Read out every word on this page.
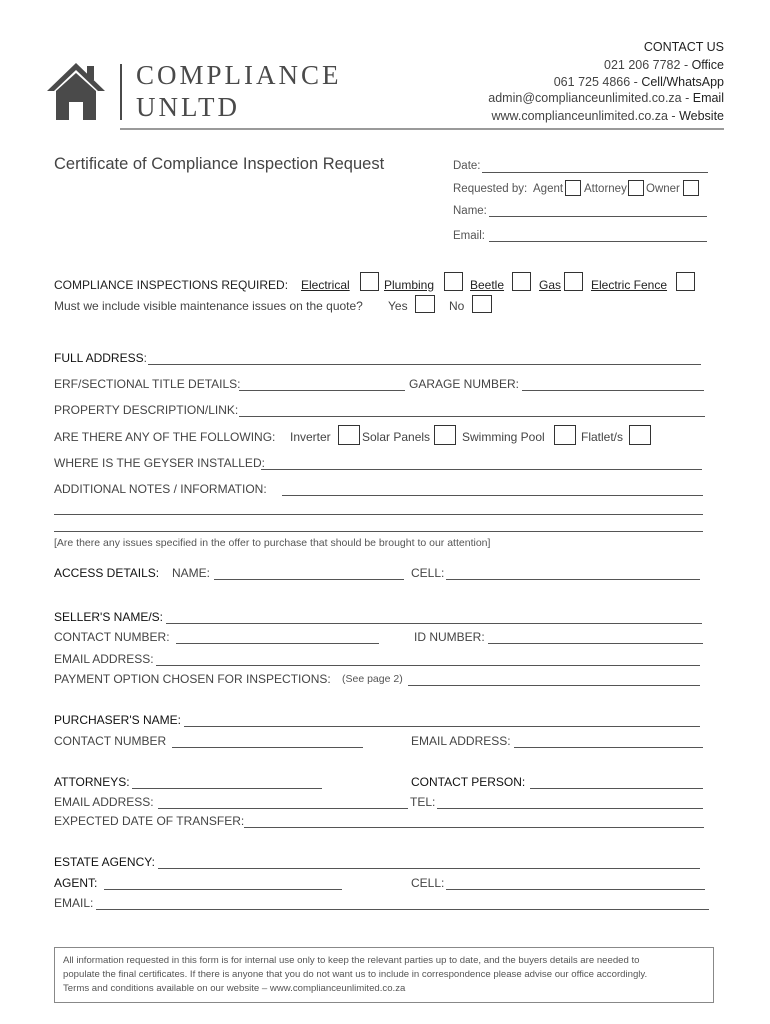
COMPLIANCE
UNLTD
CONTACT US
021 206 7782 - Office
061 725 4866 - Cell/WhatsApp
admin@complianceunlimited.co.za - Email
www.complianceunlimited.co.za - Website
Certificate of Compliance Inspection Request	Date:
Requested by: Agent Attorney Owner
Name:
Email:
COMPLIANCE INSPECTIONS REQUIRED: Electrical	Plumbing	Beetle	Gas Electric Fence
Must we include visible maintenance issues on the quote? Yes	No
FULL ADDRESS:
ERF/SECTIONAL TITLE DETAILS:	GARAGE NUMBER:
PROPERTY DESCRIPTION/LINK:
ARE THERE ANY OF THE FOLLOWING: Inverter	Solar Panels	Swimming Pool	Flatlet/s
WHERE IS THE GEYSER INSTALLED:
ADDITIONAL NOTES / INFORMATION:
[Are there any issues specified in the offer to purchase that should be brought to our attention]
ACCESS DETAILS: NAME:	CELL:
SELLER'S NAME/S:
CONTACT NUMBER:	ID NUMBER:
EMAIL ADDRESS:
PAYMENT OPTION CHOSEN FOR INSPECTIONS: (See page 2)
PURCHASER'S NAME:
CONTACT NUMBER	EMAIL ADDRESS:
ATTORNEYS:	CONTACT PERSON:
EMAIL ADDRESS:	TEL:
EXPECTED DATE OF TRANSFER:
ESTATE AGENCY:
AGENT:	CELL:
EMAIL:
All information requested in this form is for internal use only to keep the relevant parties up to date, and the buyers details are needed to
populate the final certificates. If there is anyone that you do not want us to include in correspondence please advise our office accordingly.
Terms and conditions available on our website – www.complianceunlimited.co.za
